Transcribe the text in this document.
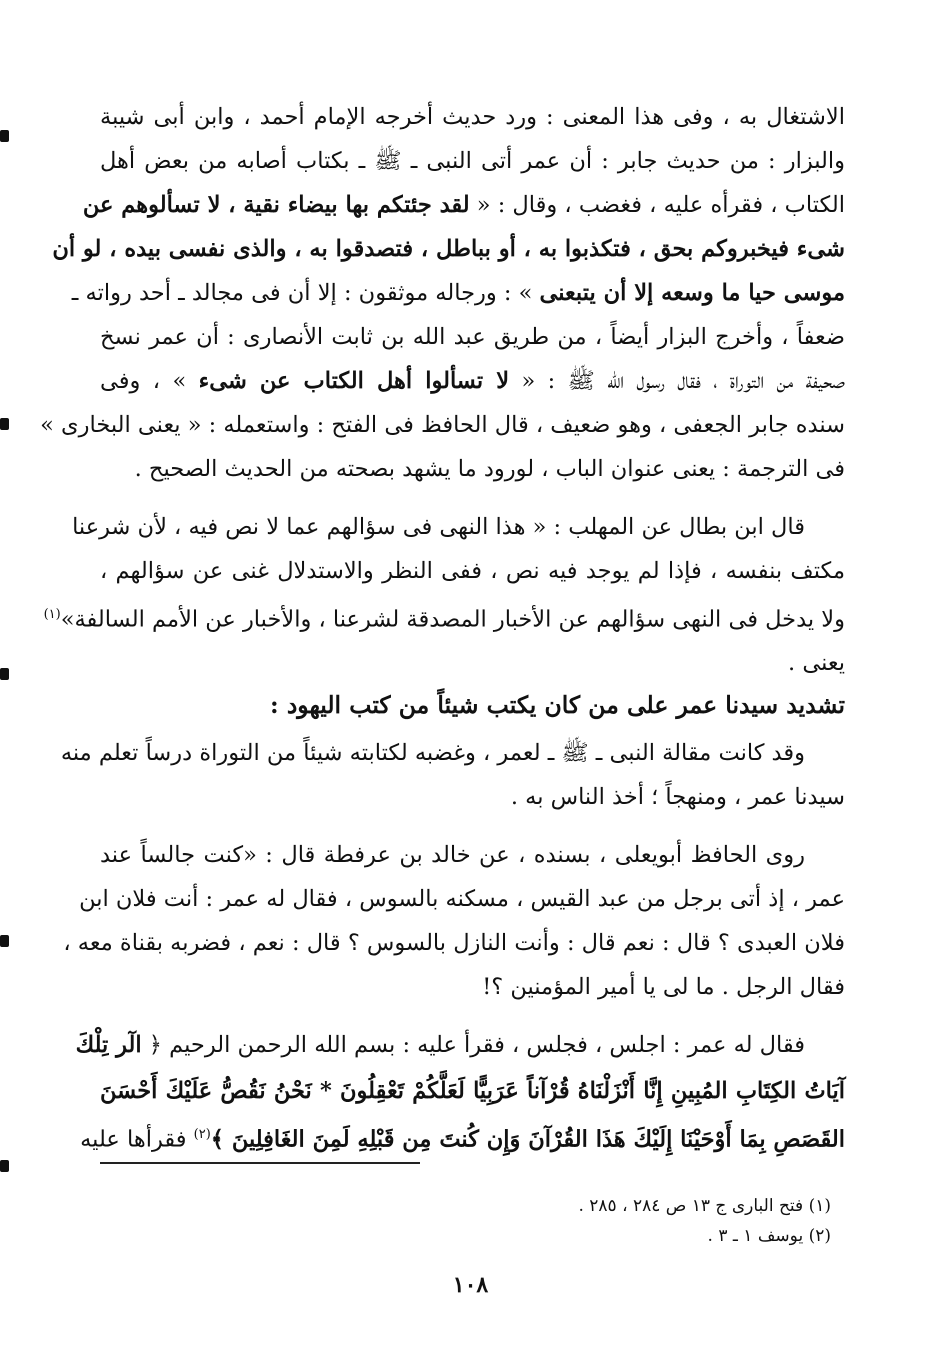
الاشتغال به ، وفى هذا المعنى : ورد حديث أخرجه الإمام أحمد ، وابن أبى شيبة
والبزار : من حديث جابر : أن عمر أتى النبى ـ ﷺ ـ بكتاب أصابه من بعض أهل
الكتاب ، فقرأه عليه ، فغضب ، وقال : « لقد جئتكم بها بيضاء نقية ، لا تسألوهم عن
شىء فيخبروكم بحق ، فتكذبوا به ، أو بباطل ، فتصدقوا به ، والذى نفسى بيده ، لو أن
موسى حيا ما وسعه إلا أن يتبعنى » : ورجاله موثقون : إلا أن فى مجالد ـ أحد رواته ـ
ضعفاً ، وأخرج البزار أيضاً ، من طريق عبد الله بن ثابت الأنصارى : أن عمر نسخ
صحيفة من التوراة ، فقال رسول الله ﷺ : « لا تسألوا أهل الكتاب عن شىء » ، وفى
سنده جابر الجعفى ، وهو ضعيف ، قال الحافظ فى الفتح : واستعمله : « يعنى البخارى »
فى الترجمة : يعنى عنوان الباب ، لورود ما يشهد بصحته من الحديث الصحيح .
قال ابن بطال عن المهلب : « هذا النهى فى سؤالهم عما لا نص فيه ، لأن شرعنا
مكتف بنفسه ، فإذا لم يوجد فيه نص ، ففى النظر والاستدلال غنى عن سؤالهم ،
ولا يدخل فى النهى سؤالهم عن الأخبار المصدقة لشرعنا ، والأخبار عن الأمم السالفة»$^{(١)}$
يعنى .
تشديد سيدنا عمر على من كان يكتب شيئاً من كتب اليهود :
وقد كانت مقالة النبى ـ ﷺ ـ لعمر ، وغضبه لكتابته شيئاً من التوراة درساً تعلم منه
سيدنا عمر ، ومنهجاً ؛ أخذ الناس به .
روى الحافظ أبويعلى ، بسنده ، عن خالد بن عرفطة قال : «كنت جالساً عند
عمر ، إذ أتى برجل من عبد القيس ، مسكنه بالسوس ، فقال له عمر : أنت فلان ابن
فلان العبدى ؟ قال : نعم قال : وأنت النازل بالسوس ؟ قال : نعم ، فضربه بقناة معه ،
فقال الرجل . ما لى يا أمير المؤمنين ؟!
فقال له عمر : اجلس ، فجلس ، فقرأ عليه : بسم الله الرحمن الرحيم ﴿ الٓر تِلْكَ
آيَاتُ الكِتَابِ المُبِينِ إِنَّا أَنْزَلْنَاهُ قُرْآناً عَرَبِيًّا لَعَلَّكُمْ تَعْقِلُونَ * نَحْنُ نَقُصُّ عَلَيْكَ أَحْسَنَ
القَصَصِ بِمَا أَوْحَيْنَا إِلَيْكَ هَذَا القُرْآنَ وَإِن كُنتَ مِن قَبْلِهِ لَمِنَ الغَافِلِينَ ﴾$^{(٢)}$ فقرأها عليه
(١) فتح البارى ج ١٣ ص ٢٨٤ ، ٢٨٥ .
(٢) يوسف ١ ـ ٣ .
١٠٨
